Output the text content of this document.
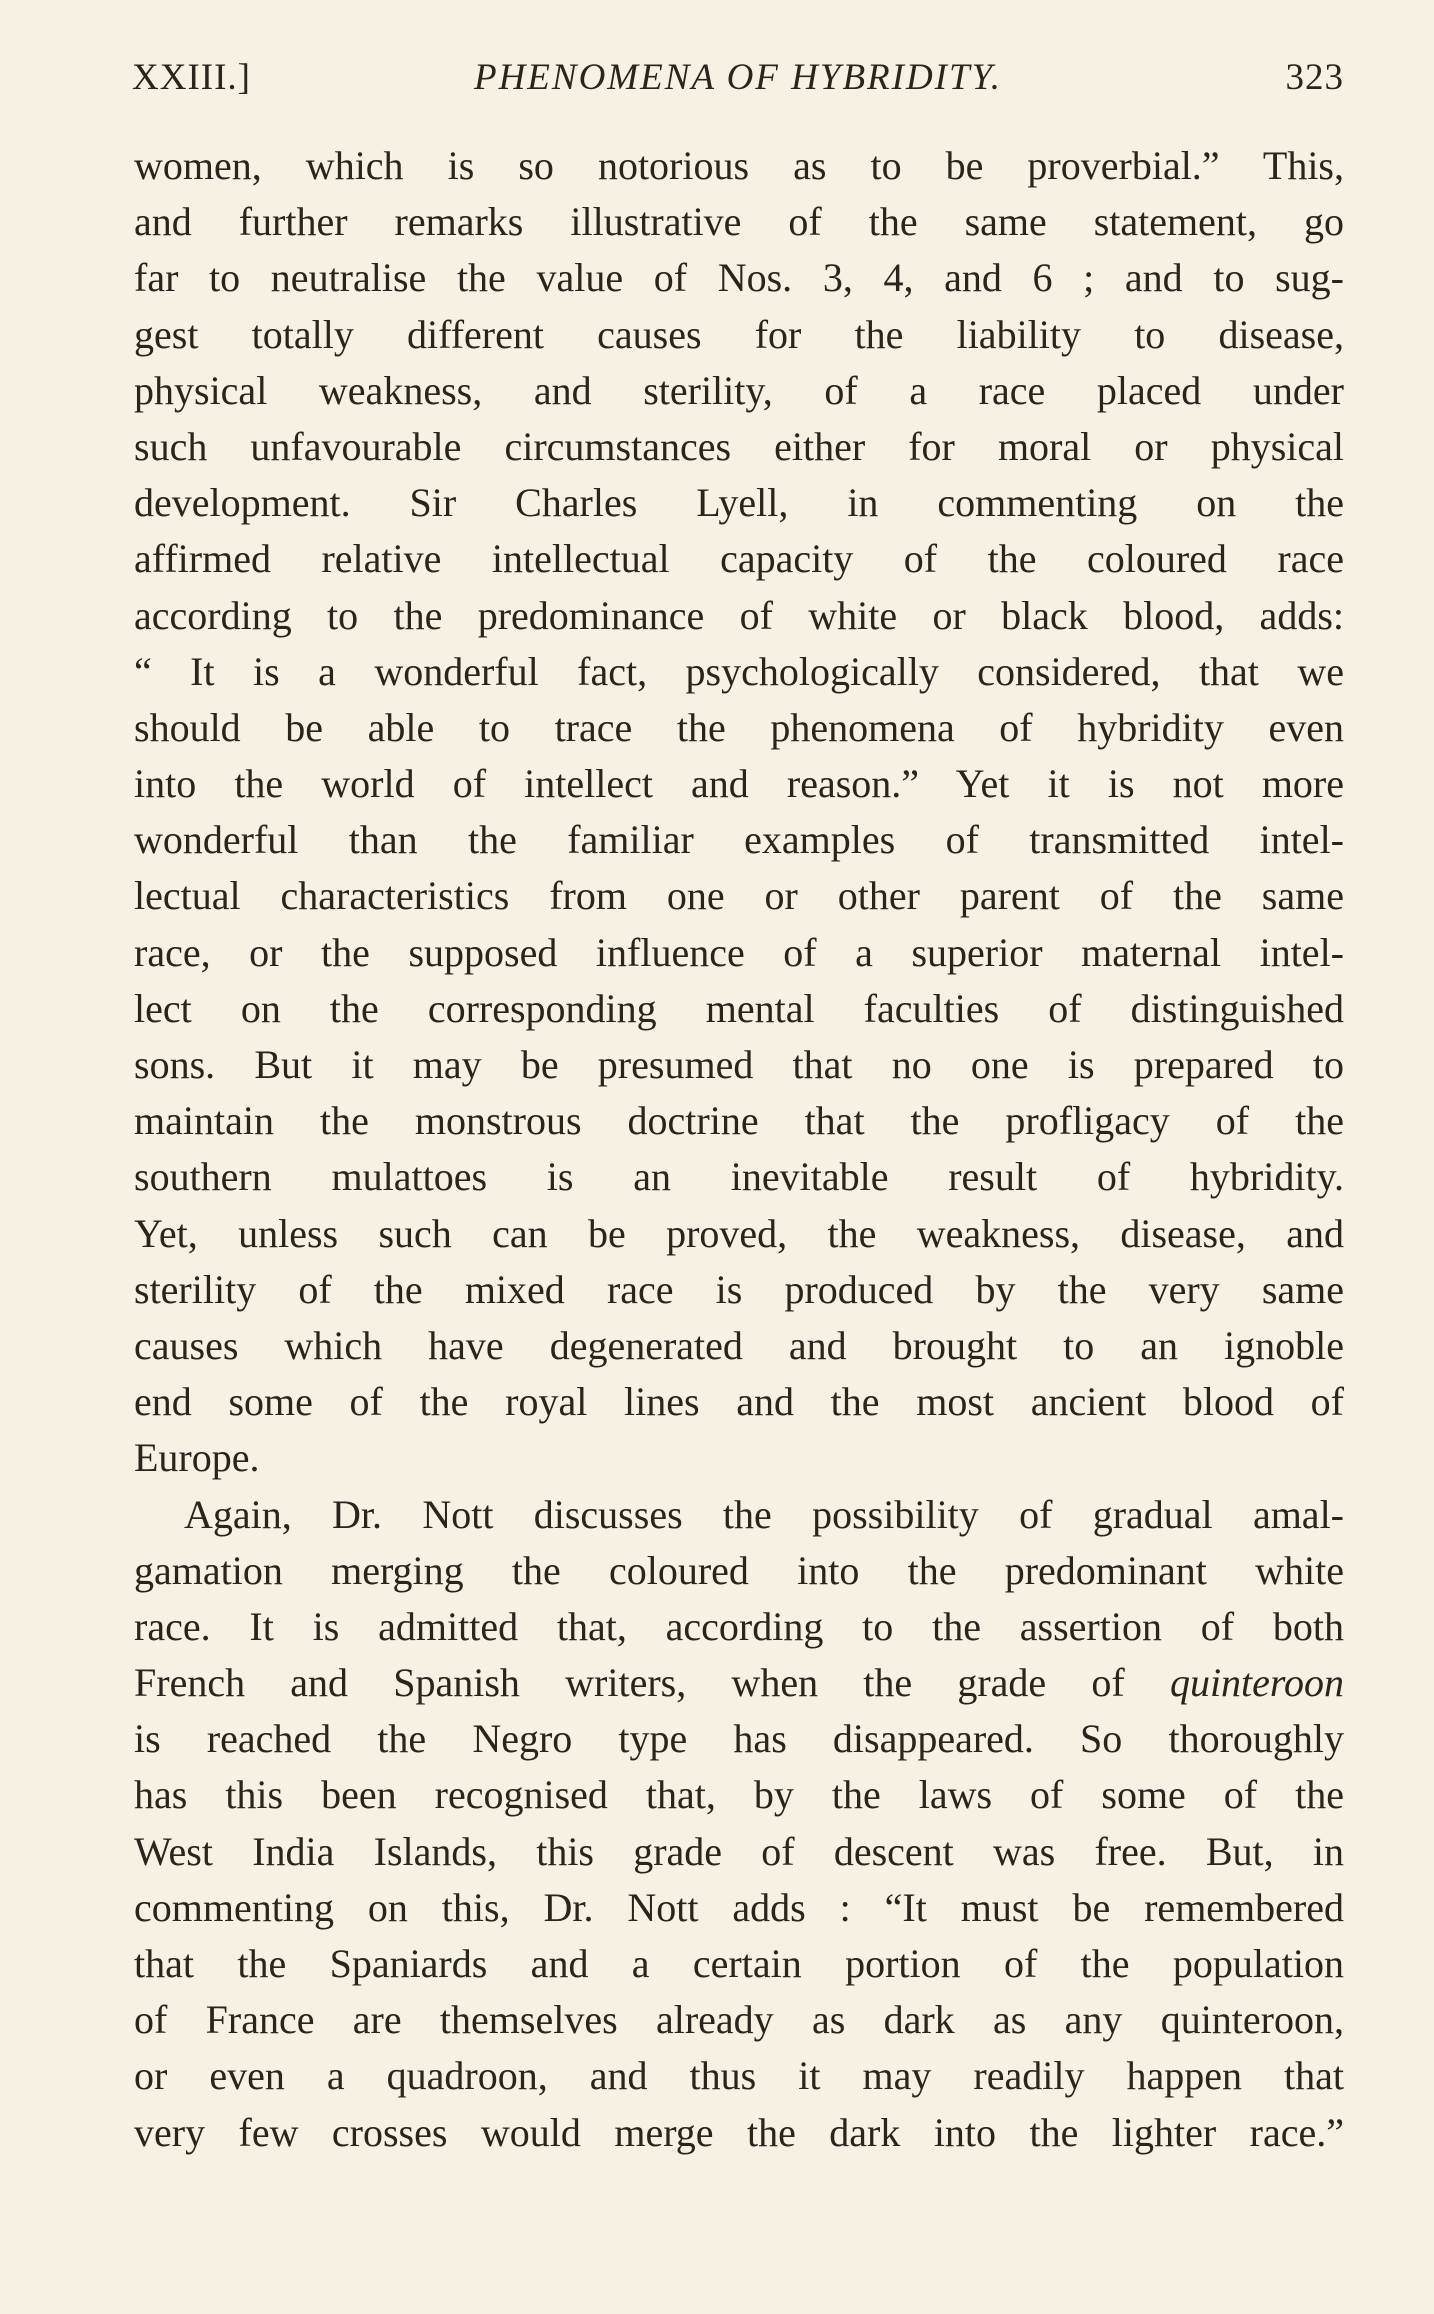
XXIII.]	PHENOMENA OF HYBRIDITY.	323
women, which is so notorious as to be proverbial.” This,
and further remarks illustrative of the same statement, go
far to neutralise the value of Nos. 3, 4, and 6 ; and to sug-
gest totally different causes for the liability to disease,
physical weakness, and sterility, of a race placed under
such unfavourable circumstances either for moral or physical
development. Sir Charles Lyell, in commenting on the
affirmed relative intellectual capacity of the coloured race
according to the predominance of white or black blood, adds:
“ It is a wonderful fact, psychologically considered, that we
should be able to trace the phenomena of hybridity even
into the world of intellect and reason.” Yet it is not more
wonderful than the familiar examples of transmitted intel-
lectual characteristics from one or other parent of the same
race, or the supposed influence of a superior maternal intel-
lect on the corresponding mental faculties of distinguished
sons. But it may be presumed that no one is prepared to
maintain the monstrous doctrine that the profligacy of the
southern mulattoes is an inevitable result of hybridity.
Yet, unless such can be proved, the weakness, disease, and
sterility of the mixed race is produced by the very same
causes which have degenerated and brought to an ignoble
end some of the royal lines and the most ancient blood of
Europe.
Again, Dr. Nott discusses the possibility of gradual amal-
gamation merging the coloured into the predominant white
race. It is admitted that, according to the assertion of both
French and Spanish writers, when the grade of quinteroon
is reached the Negro type has disappeared. So thoroughly
has this been recognised that, by the laws of some of the
West India Islands, this grade of descent was free. But, in
commenting on this, Dr. Nott adds : “It must be remembered
that the Spaniards and a certain portion of the population
of France are themselves already as dark as any quinteroon,
or even a quadroon, and thus it may readily happen that
very few crosses would merge the dark into the lighter race.”
